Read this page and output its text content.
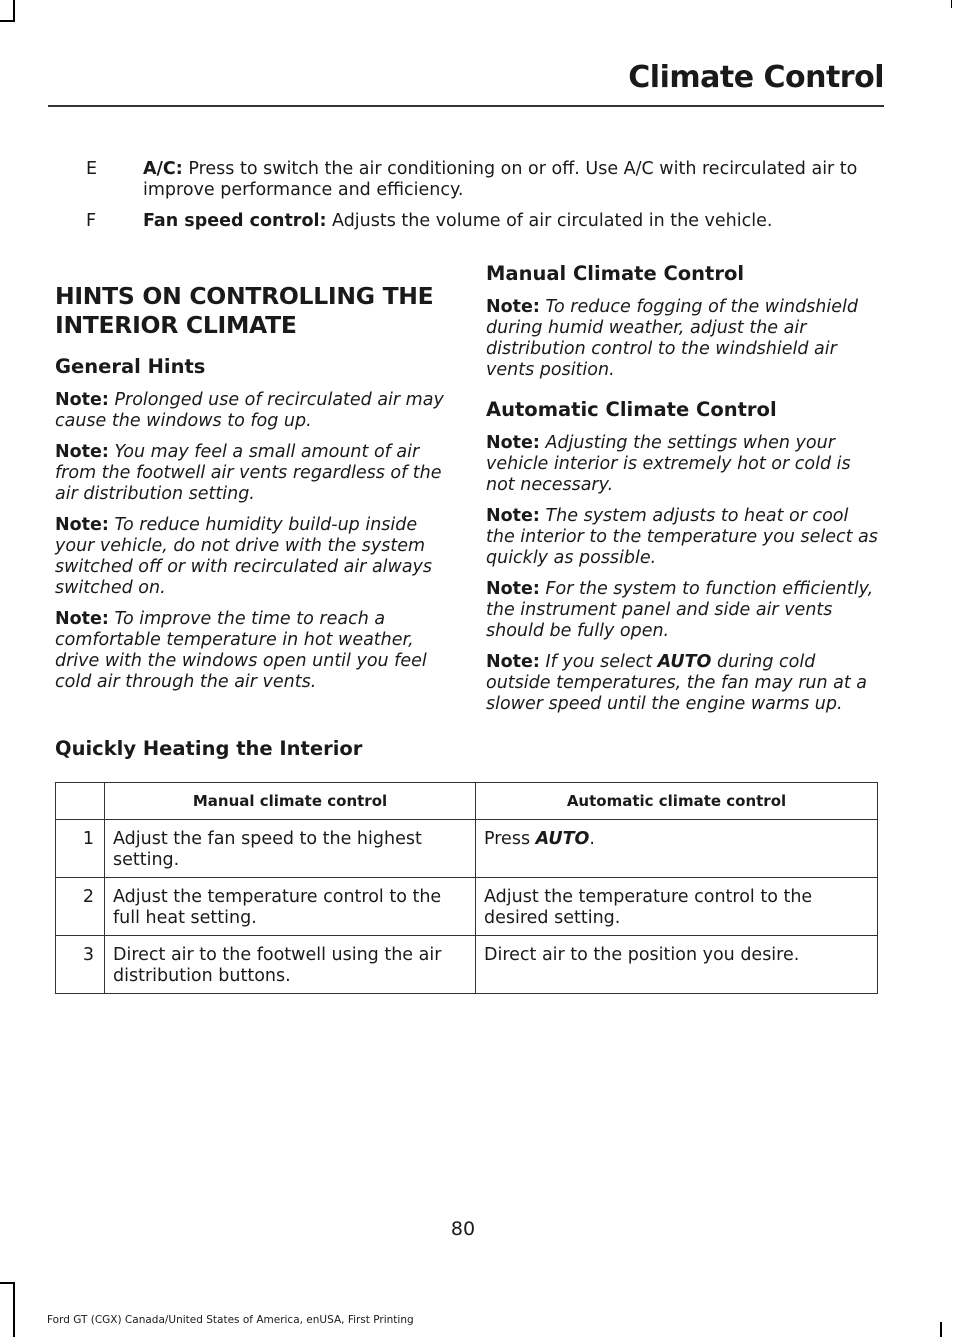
Climate Control
E	A/C: Press to switch the air conditioning on or off. Use A/C with recirculated air to improve performance and efficiency.
F	Fan speed control: Adjusts the volume of air circulated in the vehicle.
HINTS ON CONTROLLING THE INTERIOR CLIMATE
General Hints

Note: Prolonged use of recirculated air may cause the windows to fog up.

Note: You may feel a small amount of air from the footwell air vents regardless of the air distribution setting.

Note: To reduce humidity build-up inside your vehicle, do not drive with the system switched off or with recirculated air always switched on.

Note: To improve the time to reach a comfortable temperature in hot weather, drive with the windows open until you feel cold air through the air vents.

Manual Climate Control

Note: To reduce fogging of the windshield during humid weather, adjust the air distribution control to the windshield air vents position.

Automatic Climate Control

Note: Adjusting the settings when your vehicle interior is extremely hot or cold is not necessary.

Note: The system adjusts to heat or cool the interior to the temperature you select as quickly as possible.

Note: For the system to function efficiently, the instrument panel and side air vents should be fully open.

Note: If you select AUTO during cold outside temperatures, the fan may run at a slower speed until the engine warms up.

Quickly Heating the Interior
	Manual climate control	Automatic climate control
1	Adjust the fan speed to the highest setting.	Press AUTO.
2	Adjust the temperature control to the full heat setting.	Adjust the temperature control to the desired setting.
3	Direct air to the footwell using the air distribution buttons.	Direct air to the position you desire.
80
Ford GT (CGX) Canada/United States of America, enUSA, First Printing
